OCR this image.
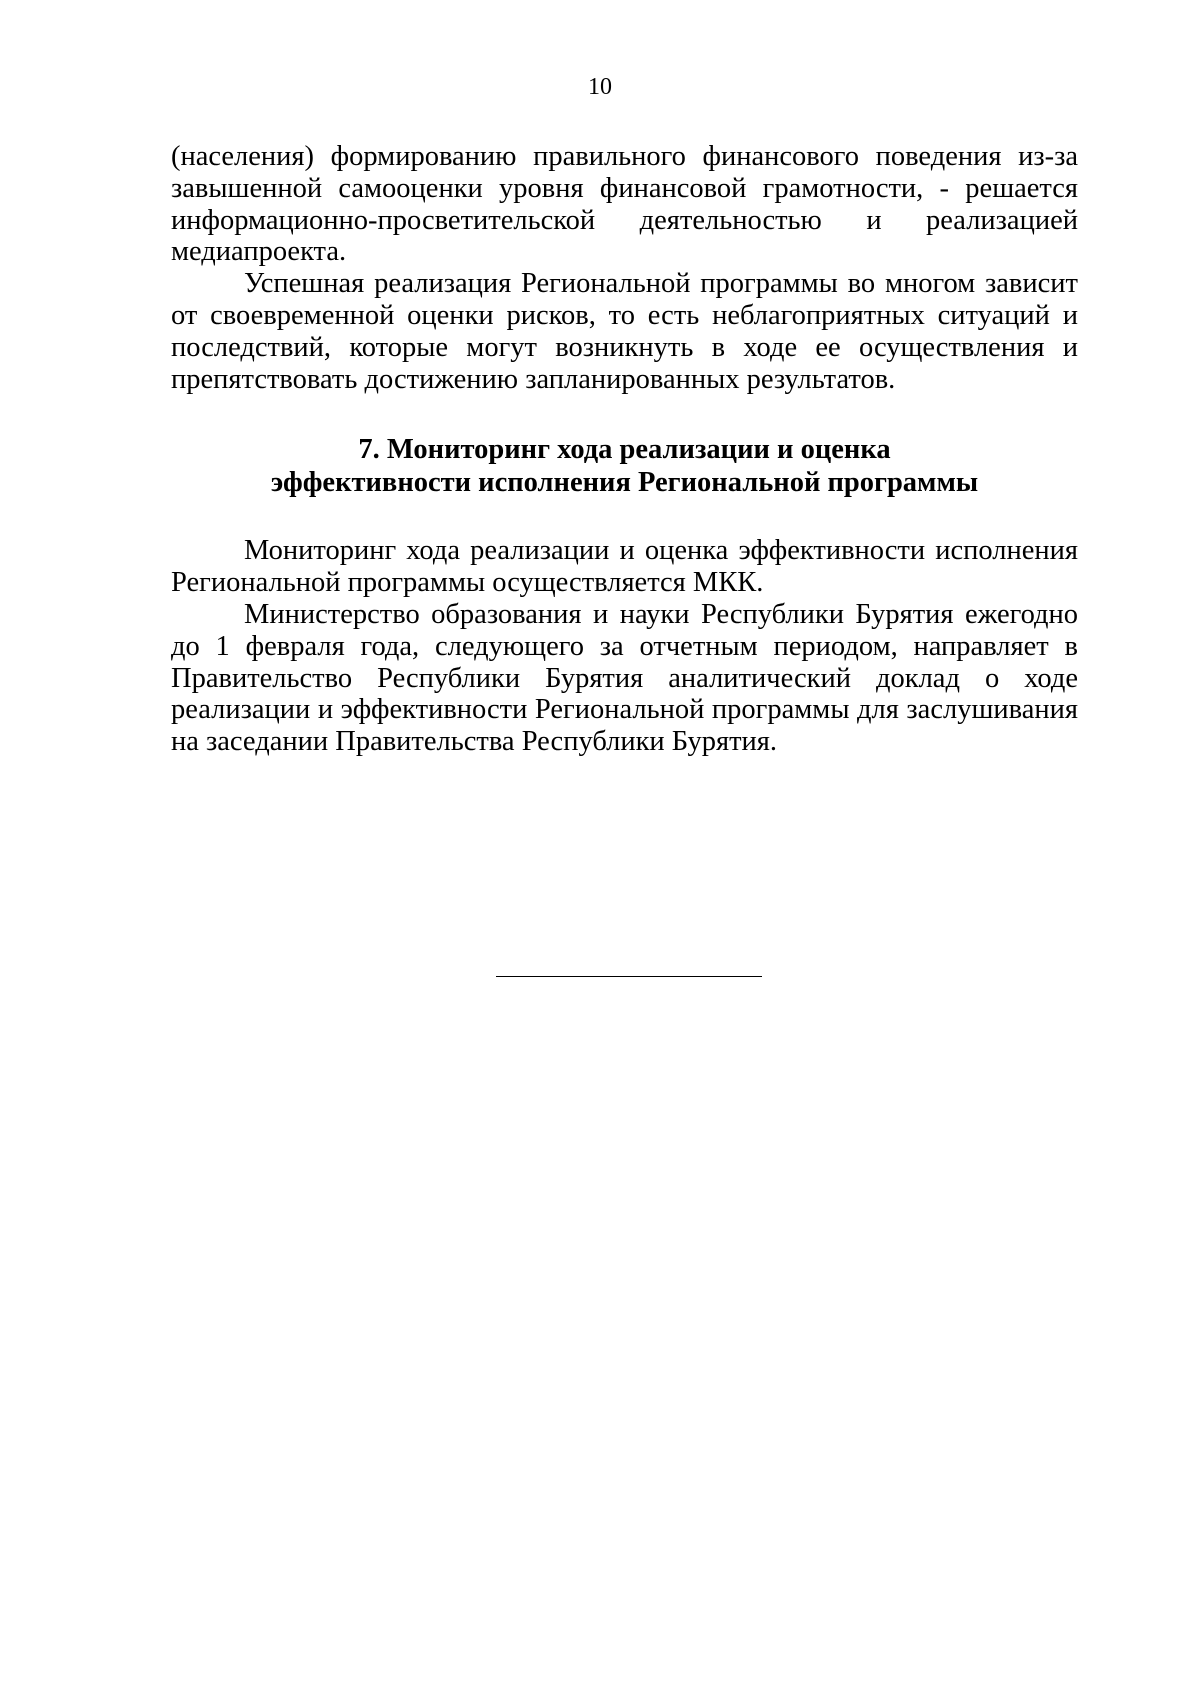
10

(населения) формированию правильного финансового поведения из-за завышенной самооценки уровня финансовой грамотности, - решается информационно-просветительской деятельностью и реализацией медиапроекта.

Успешная реализация Региональной программы во многом зависит от своевременной оценки рисков, то есть неблагоприятных ситуаций и последствий, которые могут возникнуть в ходе ее осуществления и препятствовать достижению запланированных результатов.

7. Мониторинг хода реализации и оценка
эффективности исполнения Региональной программы

Мониторинг хода реализации и оценка эффективности исполнения Региональной программы осуществляется МКК.

Министерство образования и науки Республики Бурятия ежегодно до 1 февраля года, следующего за отчетным периодом, направляет в Правительство Республики Бурятия аналитический доклад о ходе реализации и эффективности Региональной программы для заслушивания на заседании Правительства Республики Бурятия.
